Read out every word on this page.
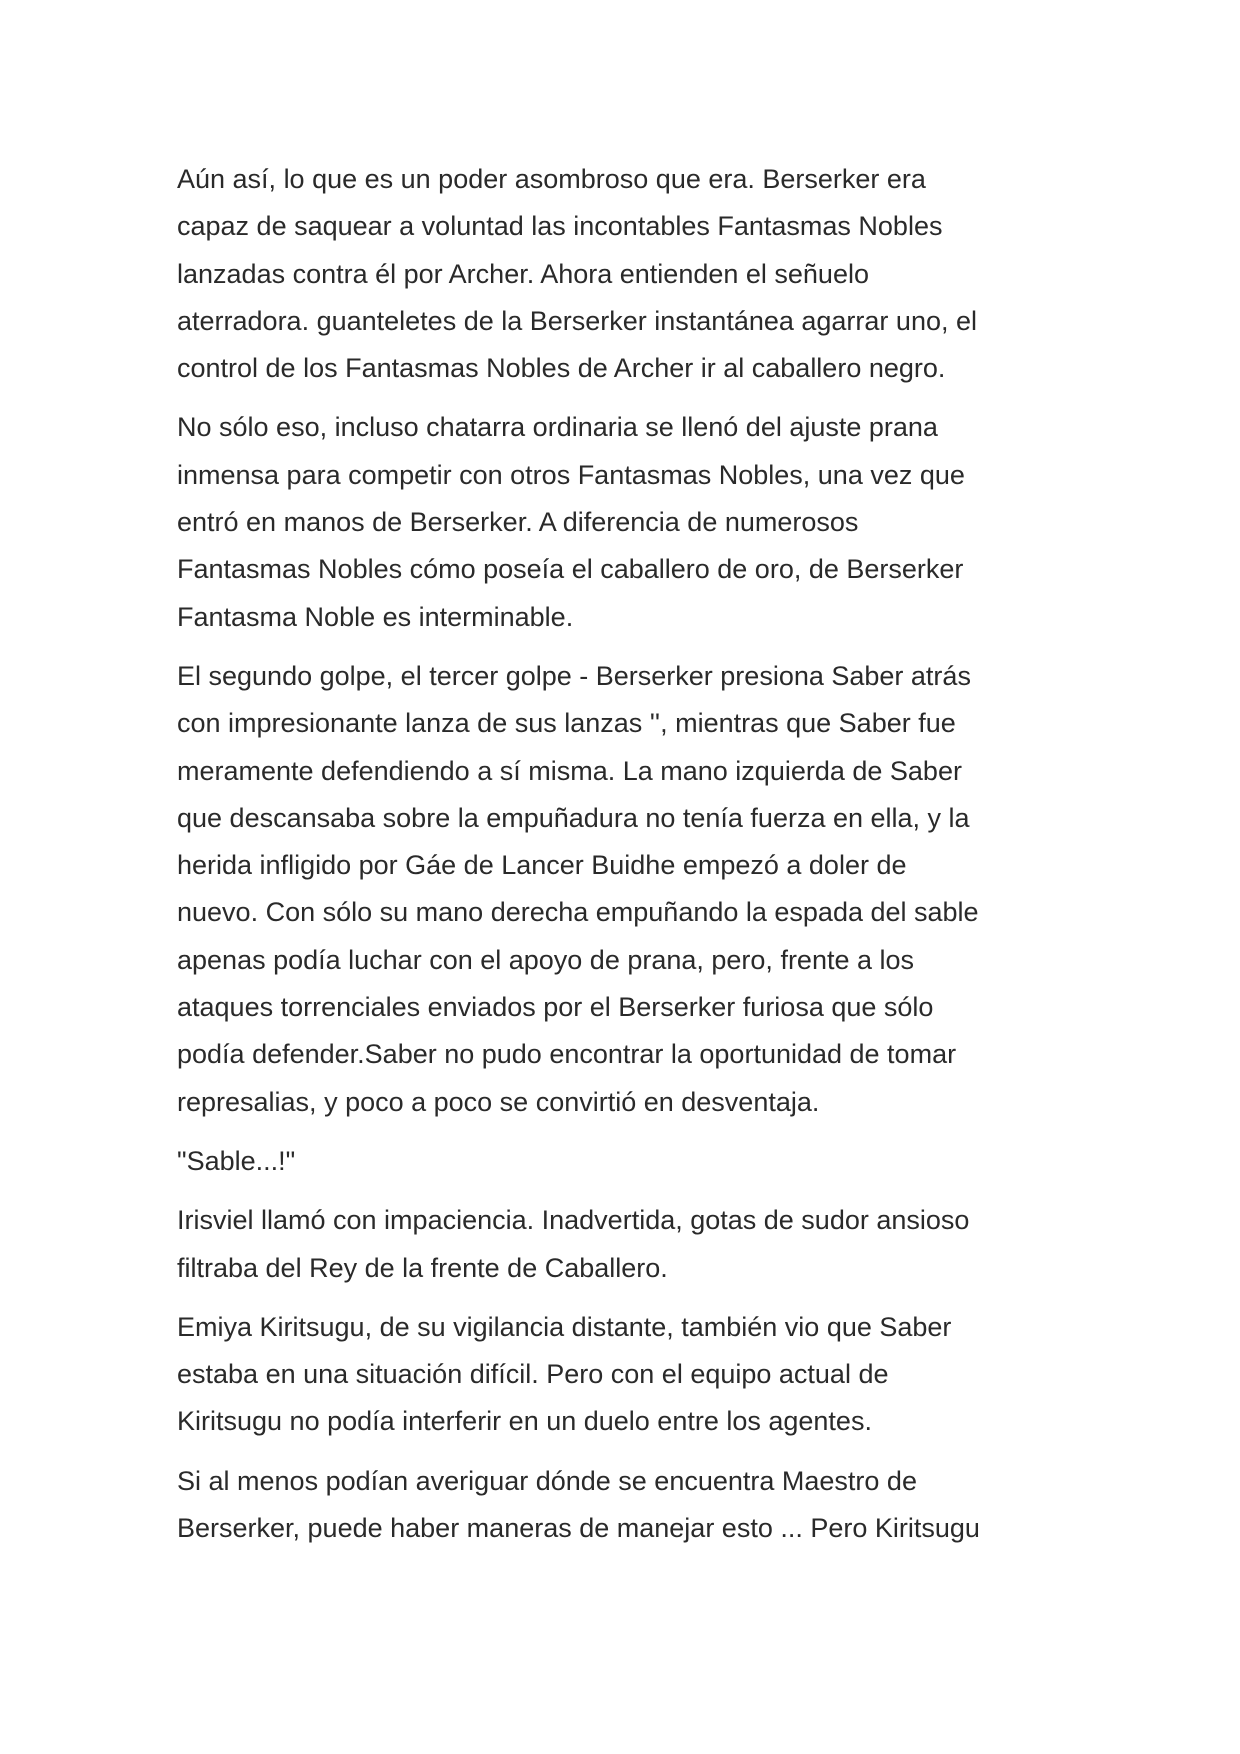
Aún así, lo que es un poder asombroso que era. Berserker era
capaz de saquear a voluntad las incontables Fantasmas Nobles
lanzadas contra él por Archer. Ahora entienden el señuelo
aterradora. guanteletes de la Berserker instantánea agarrar uno, el
control de los Fantasmas Nobles de Archer ir al caballero negro.

No sólo eso, incluso chatarra ordinaria se llenó del ajuste prana
inmensa para competir con otros Fantasmas Nobles, una vez que
entró en manos de Berserker. A diferencia de numerosos
Fantasmas Nobles cómo poseía el caballero de oro, de Berserker
Fantasma Noble es interminable.

El segundo golpe, el tercer golpe - Berserker presiona Saber atrás
con impresionante lanza de sus lanzas '', mientras que Saber fue
meramente defendiendo a sí misma. La mano izquierda de Saber
que descansaba sobre la empuñadura no tenía fuerza en ella, y la
herida infligido por Gáe de Lancer Buidhe empezó a doler de
nuevo. Con sólo su mano derecha empuñando la espada del sable
apenas podía luchar con el apoyo de prana, pero, frente a los
ataques torrenciales enviados por el Berserker furiosa que sólo
podía defender.Saber no pudo encontrar la oportunidad de tomar
represalias, y poco a poco se convirtió en desventaja.

"Sable...!"

Irisviel llamó con impaciencia. Inadvertida, gotas de sudor ansioso
filtraba del Rey de la frente de Caballero.

Emiya Kiritsugu, de su vigilancia distante, también vio que Saber
estaba en una situación difícil. Pero con el equipo actual de
Kiritsugu no podía interferir en un duelo entre los agentes.

Si al menos podían averiguar dónde se encuentra Maestro de
Berserker, puede haber maneras de manejar esto ... Pero Kiritsugu
